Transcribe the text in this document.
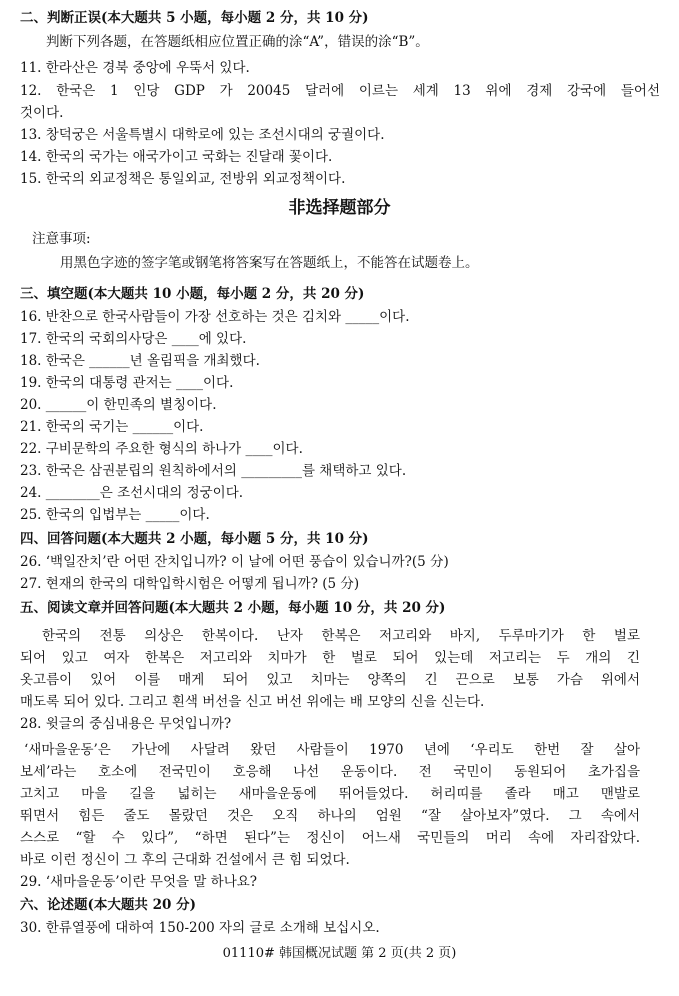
二、判断正误(本大题共 5 小题，每小题 2 分，共 10 分)
判断下列各题，在答题纸相应位置正确的涂“A”，错误的涂“B”。
11. 한라산은 경북 중앙에 우뚝서 있다.
12. 한국은 1 인당 GDP 가 20045 달러에 이르는 세계 13 위에 경제 강국에 들어선
것이다.
13. 창덕궁은 서울특별시 대학로에 있는 조선시대의 궁궐이다.
14. 한국의 국가는 애국가이고 국화는 진달래 꽃이다.
15. 한국의 외교정책은 통일외교, 전방위 외교정책이다.
非选择题部分
注意事项:
用黑色字迹的签字笔或钢笔将答案写在答题纸上，不能答在试题卷上。
三、填空题(本大题共 10 小题，每小题 2 分，共 20 分)
16. 반찬으로 한국사람들이 가장 선호하는 것은 김치와 _____이다.
17. 한국의 국회의사당은 ____에 있다.
18. 한국은 ______년 올림픽을 개최했다.
19. 한국의 대통령 관저는 ____이다.
20. ______이 한민족의 별칭이다.
21. 한국의 국기는 ______이다.
22. 구비문학의 주요한 형식의 하나가 ____이다.
23. 한국은 삼권분립의 원칙하에서의 _________를 채택하고 있다.
24. ________은 조선시대의 정궁이다.
25. 한국의 입법부는 _____이다.
四、回答问题(本大题共 2 小题，每小题 5 分，共 10 分)
26. ‘백일잔치’란 어떤 잔치입니까? 이 날에 어떤 풍습이 있습니까?(5 分)
27. 현재의 한국의 대학입학시험은 어떻게 됩니까? (5 分)
五、阅读文章并回答问题(本大题共 2 小题，每小题 10 分，共 20 分)
한국의 전통 의상은 한복이다. 난자 한복은 저고리와 바지, 두루마기가 한 벌로
되어 있고 여자 한복은 저고리와 치마가 한 벌로 되어 있는데 저고리는 두 개의 긴
옷고름이 있어 이를 매게 되어 있고 치마는 양쪽의 긴 끈으로 보통 가슴 위에서
매도록 되어 있다. 그리고 흰색 버선을 신고 버선 위에는 배 모양의 신을 신는다.
28. 윗글의 중심내용은 무엇입니까?
‘새마을운동’은 가난에 사달려 왔던 사람들이 1970 년에 ‘우리도 한번 잘 살아
보세’라는 호소에 전국민이 호응해 나선 운동이다. 전 국민이 동원되어 초가집을
고치고 마을 길을 넓히는 새마을운동에 뛰어들었다. 허리띠를 졸라 매고 맨발로
뛰면서 힘든 줄도 몰랐던 것은 오직 하나의 엄원 “잘 살아보자”였다. 그 속에서
스스로 “할 수 있다”, “하면 된다”는 정신이 어느새 국민들의 머리 속에 자리잡았다.
바로 이런 정신이 그 후의 근대화 건설에서 큰 힘 되었다.
29. ‘새마을운동’이란 무엇을 말 하나요?
六、论述题(本大题共 20 分)
30. 한류열풍에 대하여 150-200 자의 글로 소개해 보십시오.
01110# 韩国概况试题 第 2 页(共 2 页)
